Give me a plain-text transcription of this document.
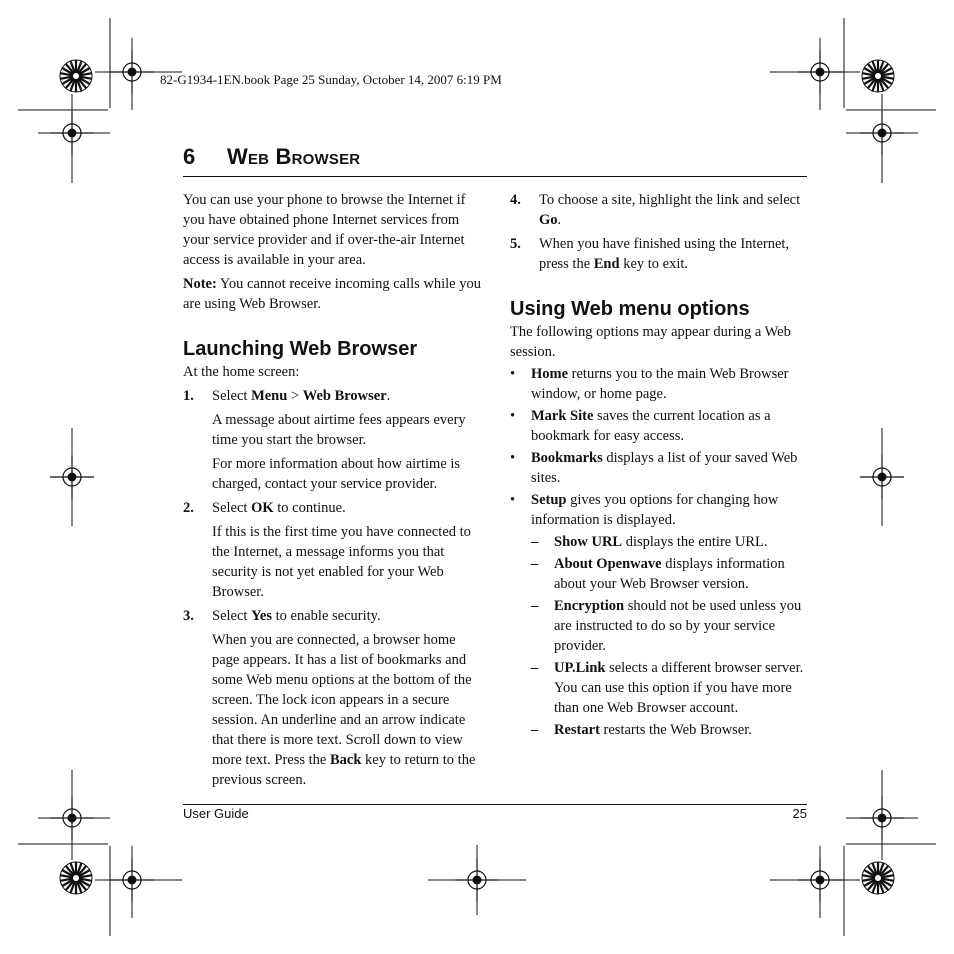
82-G1934-1EN.book Page 25 Sunday, October 14, 2007 6:19 PM
6 Web Browser

You can use your phone to browse the Internet if you have obtained phone Internet services from your service provider and if over-the-air Internet access is available in your area.

Note: You cannot receive incoming calls while you are using Web Browser.

Launching Web Browser

At the home screen:

1. Select Menu > Web Browser.

A message about airtime fees appears every time you start the browser.

For more information about how airtime is charged, contact your service provider.

2. Select OK to continue.

If this is the first time you have connected to the Internet, a message informs you that security is not yet enabled for your Web Browser.

3. Select Yes to enable security.

When you are connected, a browser home page appears. It has a list of bookmarks and some Web menu options at the bottom of the screen. The lock icon appears in a secure session. An underline and an arrow indicate that there is more text. Scroll down to view more text. Press the Back key to return to the previous screen.

4. To choose a site, highlight the link and select Go.

5. When you have finished using the Internet, press the End key to exit.

Using Web menu options

The following options may appear during a Web session.

• Home returns you to the main Web Browser window, or home page.

• Mark Site saves the current location as a bookmark for easy access.

• Bookmarks displays a list of your saved Web sites.

• Setup gives you options for changing how information is displayed.

– Show URL displays the entire URL.

– About Openwave displays information about your Web Browser version.

– Encryption should not be used unless you are instructed to do so by your service provider.

– UP.Link selects a different browser server. You can use this option if you have more than one Web Browser account.

– Restart restarts the Web Browser.

User Guide	25
